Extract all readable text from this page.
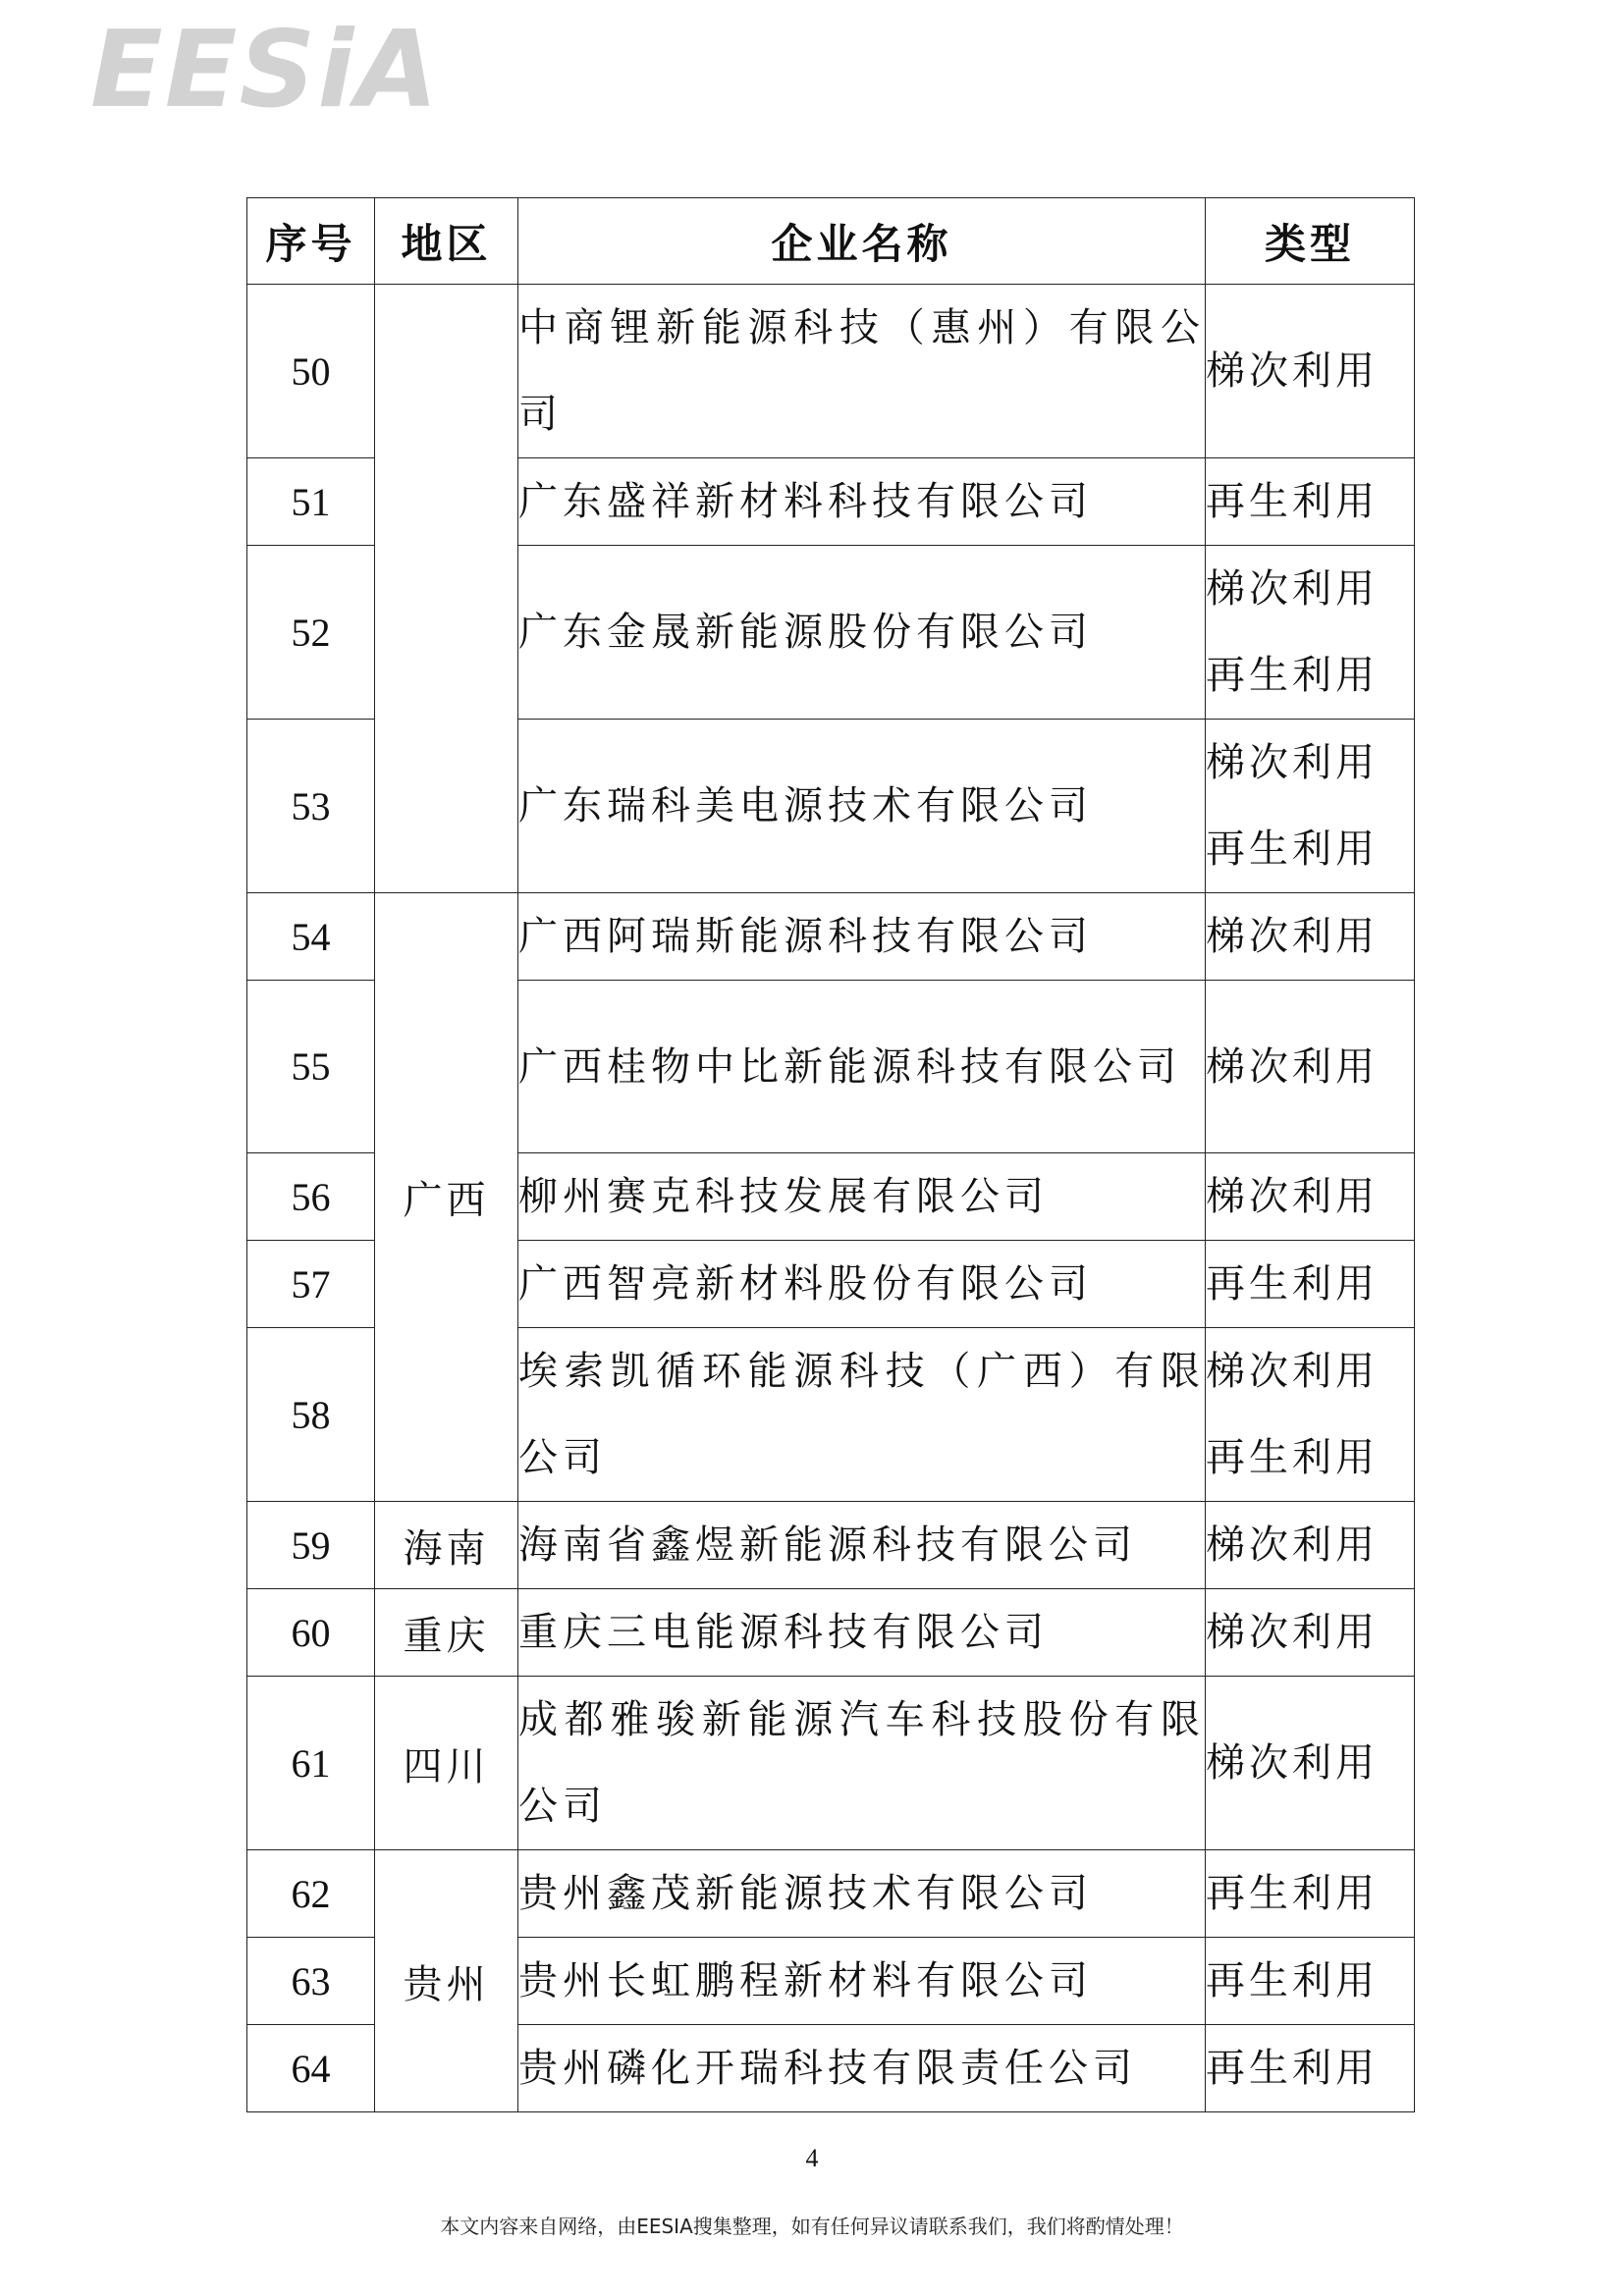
EESiA
序号	地区	企业名称	类型
50		中商锂新能源科技（惠州）有限公司	梯次利用

51		广东盛祥新材料科技有限公司	再生利用

52		广东金晟新能源股份有限公司	梯次利用
再生利用

53		广东瑞科美电源技术有限公司	梯次利用
再生利用

54	广西	广西阿瑞斯能源科技有限公司	梯次利用

55		广西桂物中比新能源科技有限公司	梯次利用

56		柳州赛克科技发展有限公司	梯次利用

57		广西智亮新材料股份有限公司	再生利用

58		埃索凯循环能源科技（广西）有限公司	梯次利用
再生利用

59	海南	海南省鑫煜新能源科技有限公司	梯次利用

60	重庆	重庆三电能源科技有限公司	梯次利用

61	四川	成都雅骏新能源汽车科技股份有限公司	梯次利用

62	贵州	贵州鑫茂新能源技术有限公司	再生利用

63		贵州长虹鹏程新材料有限公司	再生利用

64		贵州磷化开瑞科技有限责任公司	再生利用
4
本文内容来自网络，由EESIA搜集整理，如有任何异议请联系我们，我们将酌情处理！
